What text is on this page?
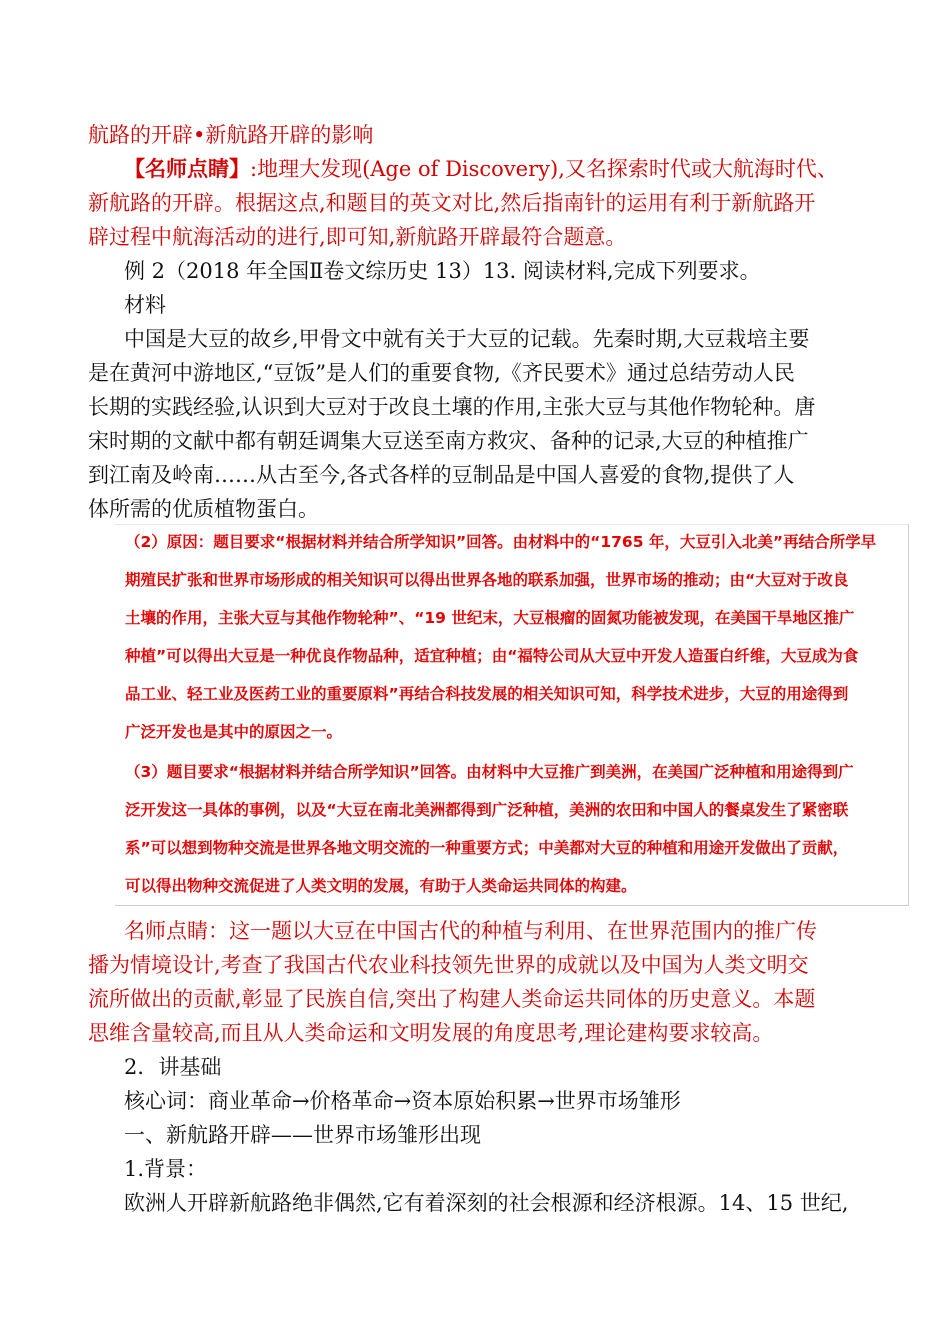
航路的开辟•新航路开辟的影响
【名师点睛】:地理大发现(Age of Discovery),又名探索时代或大航海时代、
新航路的开辟。根据这点,和题目的英文对比,然后指南针的运用有利于新航路开
辟过程中航海活动的进行,即可知,新航路开辟最符合题意。
例 2（2018 年全国Ⅱ卷文综历史 13）13. 阅读材料,完成下列要求。
材料
中国是大豆的故乡,甲骨文中就有关于大豆的记载。先秦时期,大豆栽培主要
是在黄河中游地区,“豆饭”是人们的重要食物,《齐民要术》通过总结劳动人民
长期的实践经验,认识到大豆对于改良土壤的作用,主张大豆与其他作物轮种。唐
宋时期的文献中都有朝廷调集大豆送至南方救灾、备种的记录,大豆的种植推广
到江南及岭南……从古至今,各式各样的豆制品是中国人喜爱的食物,提供了人
体所需的优质植物蛋白。
（2）原因：题目要求“根据材料并结合所学知识”回答。由材料中的“1765 年，大豆引入北美”再结合所学早
期殖民扩张和世界市场形成的相关知识可以得出世界各地的联系加强，世界市场的推动；由“大豆对于改良
土壤的作用，主张大豆与其他作物轮种”、“19 世纪末，大豆根瘤的固氮功能被发现，在美国干旱地区推广
种植”可以得出大豆是一种优良作物品种，适宜种植；由“福特公司从大豆中开发人造蛋白纤维，大豆成为食
品工业、轻工业及医药工业的重要原料”再结合科技发展的相关知识可知，科学技术进步，大豆的用途得到
广泛开发也是其中的原因之一。
（3）题目要求“根据材料并结合所学知识”回答。由材料中大豆推广到美洲，在美国广泛种植和用途得到广
泛开发这一具体的事例，以及“大豆在南北美洲都得到广泛种植，美洲的农田和中国人的餐桌发生了紧密联
系”可以想到物种交流是世界各地文明交流的一种重要方式；中美都对大豆的种植和用途开发做出了贡献，
可以得出物种交流促进了人类文明的发展，有助于人类命运共同体的构建。
名师点睛：这一题以大豆在中国古代的种植与利用、在世界范围内的推广传
播为情境设计,考查了我国古代农业科技领先世界的成就以及中国为人类文明交
流所做出的贡献,彰显了民族自信,突出了构建人类命运共同体的历史意义。本题
思维含量较高,而且从人类命运和文明发展的角度思考,理论建构要求较高。
2．讲基础
核心词：商业革命→价格革命→资本原始积累→世界市场雏形
一、新航路开辟——世界市场雏形出现
1.背景：
欧洲人开辟新航路绝非偶然,它有着深刻的社会根源和经济根源。14、15 世纪,
